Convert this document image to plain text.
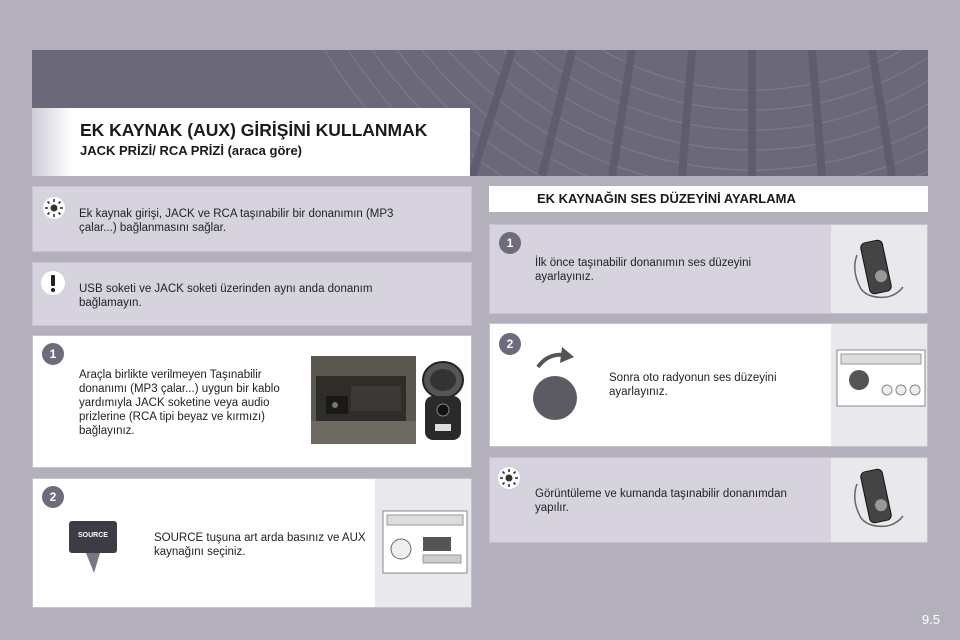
EK KAYNAK (AUX) GİRİŞİNİ KULLANMAK
JACK PRİZİ/ RCA PRİZİ (araca göre)
Ek kaynak girişi, JACK ve RCA taşınabilir bir donanımın (MP3 çalar...) bağlanmasını sağlar.
USB soketi ve JACK soketi üzerinden aynı anda donanım bağlamayın.
1
Araçla birlikte verilmeyen Taşınabilir donanımı (MP3 çalar...) uygun bir kablo yardımıyla JACK soketine veya audio prizlerine (RCA tipi beyaz ve kırmızı) bağlayınız.
2
SOURCE	SOURCE tuşuna art arda basınız ve AUX kaynağını seçiniz.
EK KAYNAĞIN SES DÜZEYİNİ AYARLAMA
1
İlk önce taşınabilir donanımın ses düzeyini ayarlayınız.
2
Sonra oto radyonun ses düzeyini ayarlayınız.
Görüntüleme ve kumanda taşınabilir donanımdan yapılır.
9.5
